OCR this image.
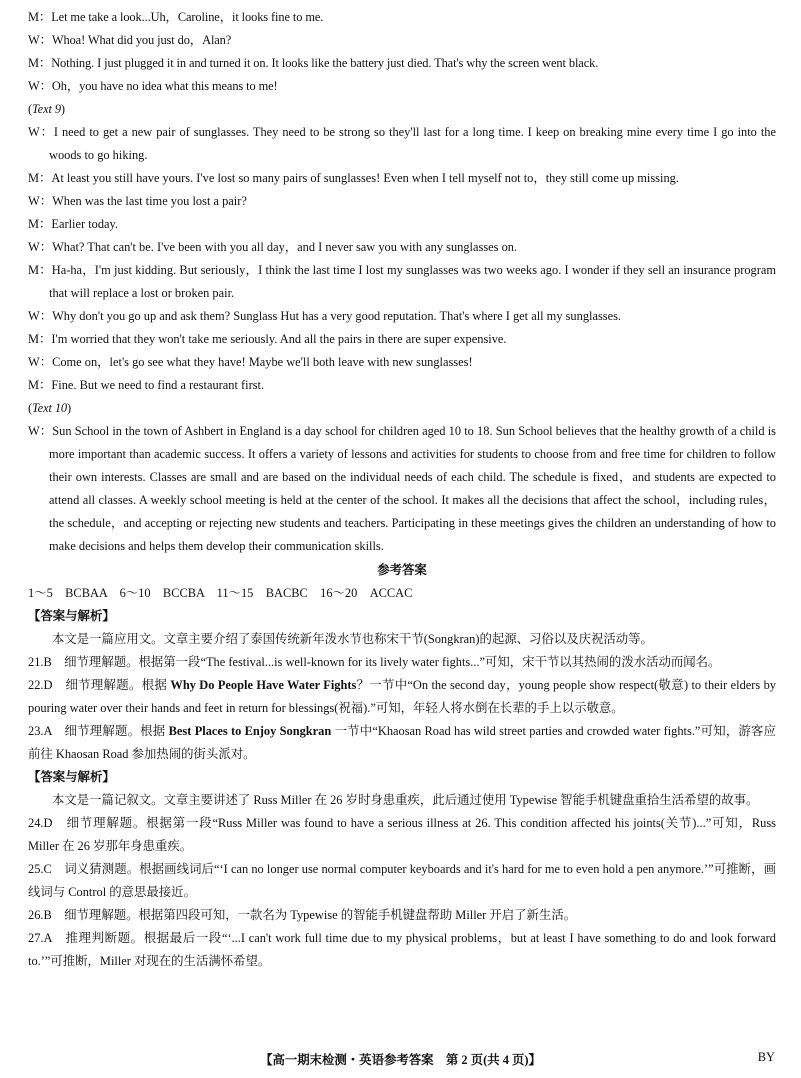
M：Let me take a look...Uh，Caroline，it looks fine to me.

W：Whoa! What did you just do，Alan?

M：Nothing. I just plugged it in and turned it on. It looks like the battery just died. That's why the screen went black.

W：Oh，you have no idea what this means to me!

(Text 9)

W：I need to get a new pair of sunglasses. They need to be strong so they'll last for a long time. I keep on breaking mine every time I go into the woods to go hiking.

M：At least you still have yours. I've lost so many pairs of sunglasses! Even when I tell myself not to，they still come up missing.

W：When was the last time you lost a pair?

M：Earlier today.

W：What? That can't be. I've been with you all day，and I never saw you with any sunglasses on.

M：Ha-ha，I'm just kidding. But seriously，I think the last time I lost my sunglasses was two weeks ago. I wonder if they sell an insurance program that will replace a lost or broken pair.

W：Why don't you go up and ask them? Sunglass Hut has a very good reputation. That's where I get all my sunglasses.

M：I'm worried that they won't take me seriously. And all the pairs in there are super expensive.

W：Come on，let's go see what they have! Maybe we'll both leave with new sunglasses!

M：Fine. But we need to find a restaurant first.

(Text 10)

W：Sun School in the town of Ashbert in England is a day school for children aged 10 to 18. Sun School believes that the healthy growth of a child is more important than academic success. It offers a variety of lessons and activities for students to choose from and free time for children to follow their own interests. Classes are small and are based on the individual needs of each child. The schedule is fixed，and students are expected to attend all classes. A weekly school meeting is held at the center of the school. It makes all the decisions that affect the school，including rules，the schedule，and accepting or rejecting new students and teachers. Participating in these meetings gives the children an understanding of how to make decisions and helps them develop their communication skills.

参考答案

1～5　BCBAA　6～10　BCCBA　11～15　BACBC　16～20　ACCAC

【答案与解析】

本文是一篇应用文。文章主要介绍了泰国传统新年泼水节也称宋干节(Songkran)的起源、习俗以及庆祝活动等。

21.B　 细节理解题。根据第一段“The festival...is well-known for its lively water fights...”可知，宋干节以其热闹的泼水活动而闻名。
22.D　 细节理解题。根据 Why Do People Have Water Fights？一节中“On the second day，young people show respect(敬意) to their elders by pouring water over their hands and feet in return for blessings(祝福).”可知，年轻人将水倒在长辈的手上以示敬意。
23.A　 细节理解题。根据 Best Places to Enjoy Songkran 一节中“Khaosan Road has wild street parties and crowded water fights.”可知，游客应前往 Khaosan Road 参加热闹的街头派对。

【答案与解析】

本文是一篇记叙文。文章主要讲述了 Russ Miller 在 26 岁时身患重疾，此后通过使用 Typewise 智能手机键盘重拾生活希望的故事。

24.D　 细节理解题。根据第一段“Russ Miller was found to have a serious illness at 26. This condition affected his joints(关节)...”可知，Russ Miller 在 26 岁那年身患重疾。
25.C　 词义猜测题。根据画线词后“‘I can no longer use normal computer keyboards and it's hard for me to even hold a pen anymore.’”可推断，画线词与 Control 的意思最接近。
26.B　 细节理解题。根据第四段可知，一款名为 Typewise 的智能手机键盘帮助 Miller 开启了新生活。
27.A　 推理判断题。根据最后一段“‘...I can't work full time due to my physical problems，but at least I have something to do and look forward to.’”可推断，Miller 对现在的生活满怀希望。
【高一期末检测・英语参考答案　第 2 页(共 4 页)】	BY
